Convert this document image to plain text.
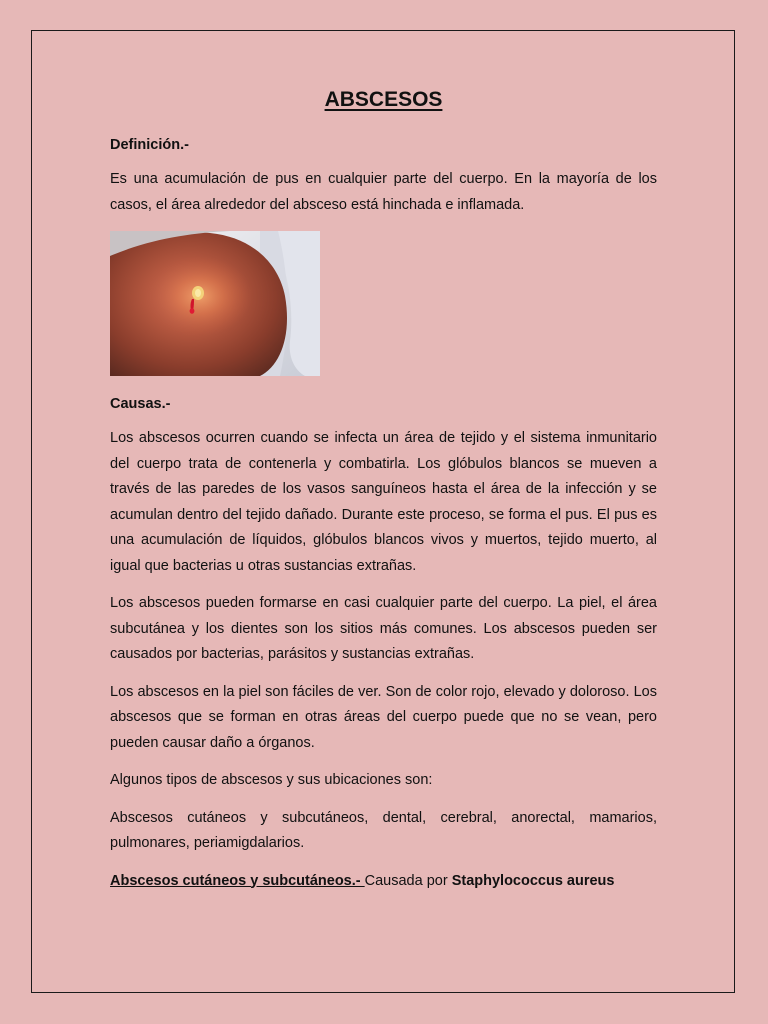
ABSCESOS

Definición.-

Es una acumulación de pus en cualquier parte del cuerpo. En la mayoría de los casos, el área alrededor del absceso está hinchada e inflamada.

Causas.-

Los abscesos ocurren cuando se infecta un área de tejido y el sistema inmunitario del cuerpo trata de contenerla y combatirla. Los glóbulos blancos se mueven a través de las paredes de los vasos sanguíneos hasta el área de la infección y se acumulan dentro del tejido dañado. Durante este proceso, se forma el pus. El pus es una acumulación de líquidos, glóbulos blancos vivos y muertos, tejido muerto, al igual que bacterias u otras sustancias extrañas.

Los abscesos pueden formarse en casi cualquier parte del cuerpo. La piel, el área subcutánea y los dientes son los sitios más comunes. Los abscesos pueden ser causados por bacterias, parásitos y sustancias extrañas.

Los abscesos en la piel son fáciles de ver. Son de color rojo, elevado y doloroso. Los abscesos que se forman en otras áreas del cuerpo puede que no se vean, pero pueden causar daño a órganos.

Algunos tipos de abscesos y sus ubicaciones son:

Abscesos cutáneos y subcutáneos, dental, cerebral, anorectal, mamarios, pulmonares, periamigdalarios.

Abscesos cutáneos y subcutáneos.- Causada por Staphylococcus aureus
